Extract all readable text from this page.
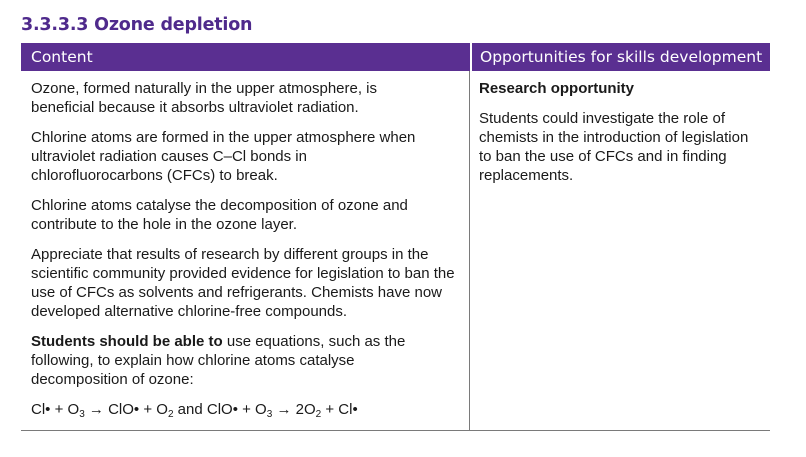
3.3.3.3 Ozone depletion
Content	Opportunities for skills development

Ozone, formed naturally in the upper atmosphere, is beneficial because it absorbs ultraviolet radiation.

Chlorine atoms are formed in the upper atmosphere when ultraviolet radiation causes C–Cl bonds in chlorofluorocarbons (CFCs) to break.

Chlorine atoms catalyse the decomposition of ozone and contribute to the hole in the ozone layer.

Appreciate that results of research by different groups in the scientific community provided evidence for legislation to ban the use of CFCs as solvents and refrigerants. Chemists have now developed alternative chlorine-free compounds.

Students should be able to use equations, such as the following, to explain how chlorine atoms catalyse decomposition of ozone:

Cl• + $O_3$ → ClO• + $O_2$ and ClO• + $O_3 \to 2O_2$ + Cl•

Research opportunity

Students could investigate the role of chemists in the introduction of legislation to ban the use of CFCs and in finding replacements.
